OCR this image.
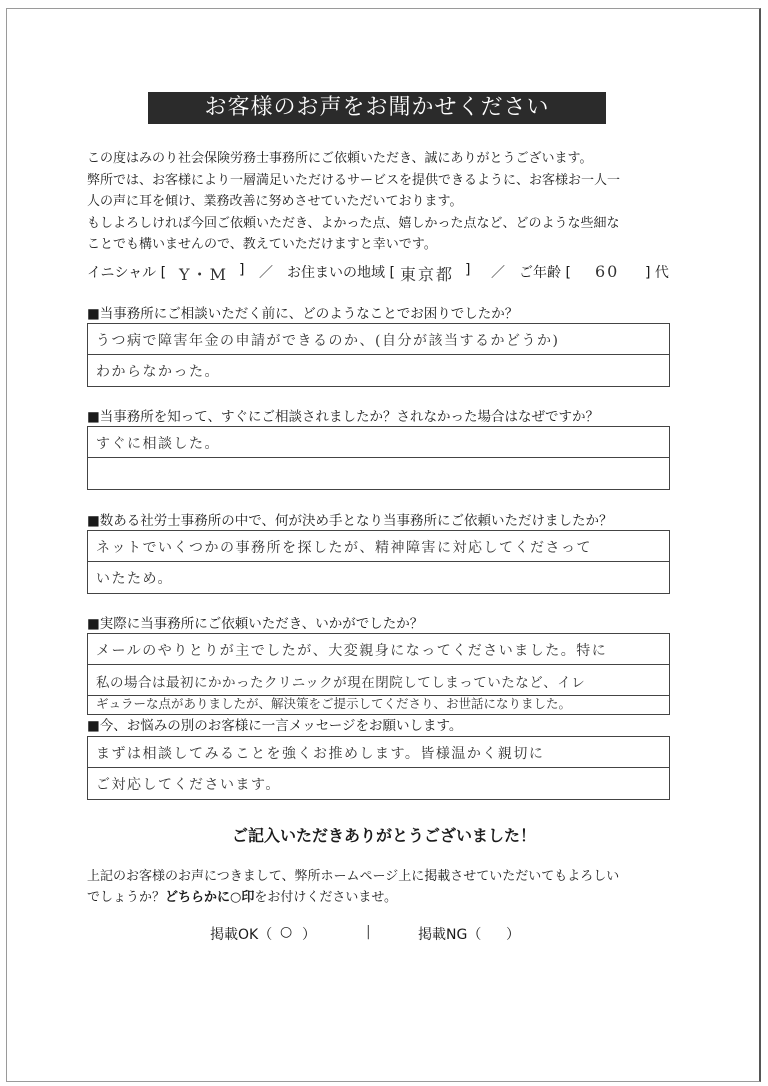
お客様のお声をお聞かせください

この度はみのり社会保険労務士事務所にご依頼いただき、誠にありがとうございます。

弊所では、お客様により一層満足いただけるサービスを提供できるように、お客様お一人一

人の声に耳を傾け、業務改善に努めさせていただいております。

もしよろしければ今回ご依頼いただき、よかった点、嬉しかった点など、どのような些細な

ことでも構いませんので、教えていただけますと幸いです。

イニシャル [ Y・M ] ／ お住まいの地域 [ 東京都 ] ／ ご年齢 [ 60 ] 代
■当事務所にご相談いただく前に、どのようなことでお困りでしたか？
うつ病で障害年金の申請ができるのか、(自分が該当するかどうか)
わからなかった。
■当事務所を知って、すぐにご相談されましたか？されなかった場合はなぜですか？
すぐに相談した。
■数ある社労士事務所の中で、何が決め手となり当事務所にご依頼いただけましたか？
ネットでいくつかの事務所を探したが、精神障害に対応してくださって
いたため。
■実際に当事務所にご依頼いただき、いかがでしたか？
メールのやりとりが主でしたが、大変親身になってくださいました。特に
私の場合は最初にかかったクリニックが現在閉院してしまっていたなど、イレ
ギュラーな点がありましたが、解決策をご提示してくださり、お世話になりました。
■今、お悩みの別のお客様に一言メッセージをお願いします。
まずは相談してみることを強くお推めします。皆様温かく親切に
ご対応してくださいます。
ご記入いただきありがとうございました！

上記のお客様のお声につきまして、弊所ホームページ上に掲載させていただいてもよろしい

でしょうか？どちらかに○印をお付けくださいませ。

掲載OK（ ○ ）	|	掲載NG（ ）
